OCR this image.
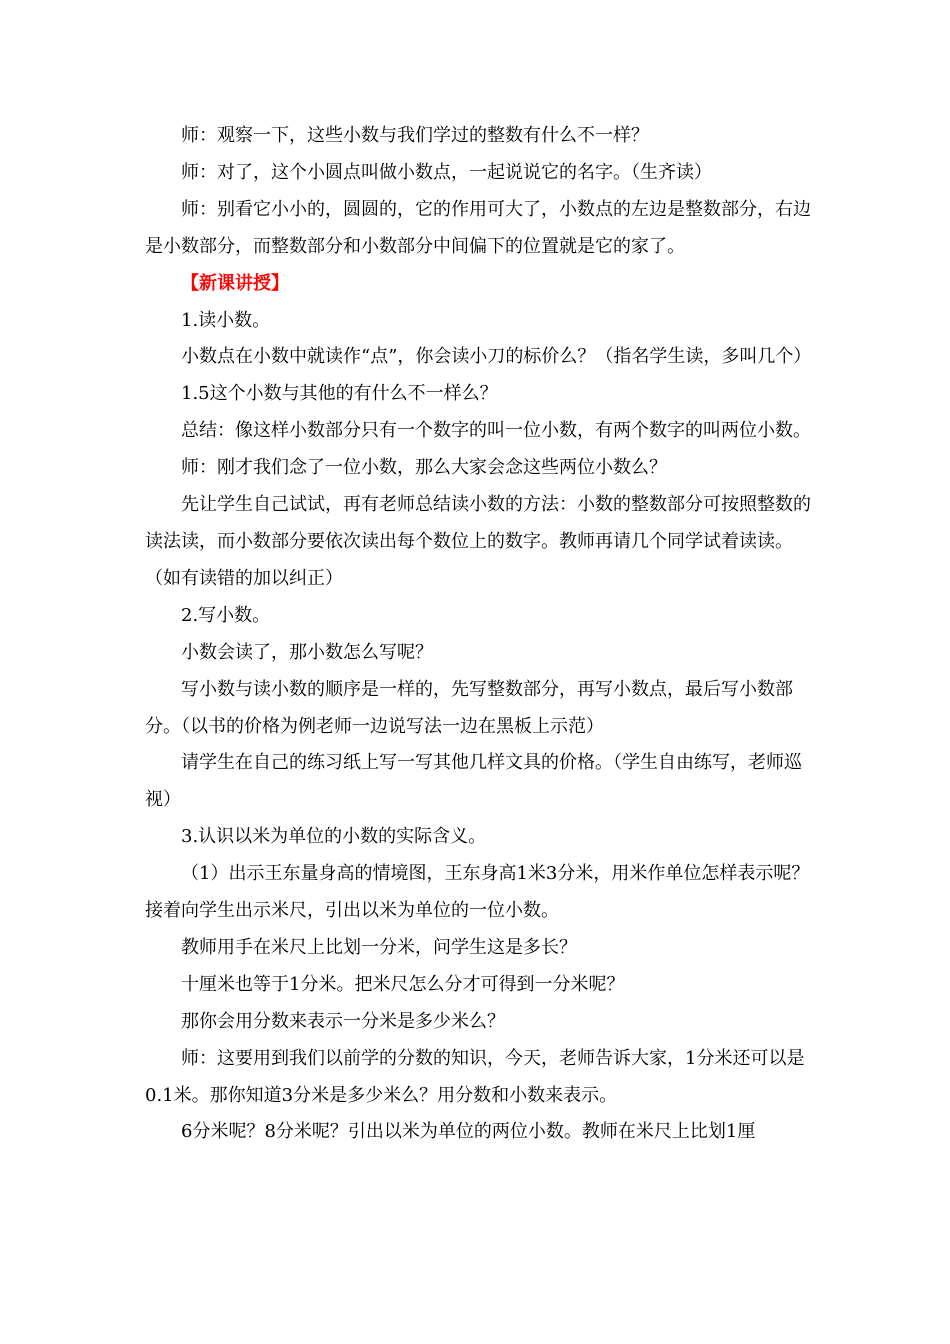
师：观察一下，这些小数与我们学过的整数有什么不一样？

师：对了，这个小圆点叫做小数点，一起说说它的名字。（生齐读）

师：别看它小小的，圆圆的，它的作用可大了，小数点的左边是整数部分，右边是小数部分，而整数部分和小数部分中间偏下的位置就是它的家了。

【新课讲授】

1.读小数。

小数点在小数中就读作“点”，你会读小刀的标价么？（指名学生读，多叫几个）

1.5这个小数与其他的有什么不一样么？

总结：像这样小数部分只有一个数字的叫一位小数，有两个数字的叫两位小数。

师：刚才我们念了一位小数，那么大家会念这些两位小数么？

先让学生自己试试，再有老师总结读小数的方法：小数的整数部分可按照整数的读法读，而小数部分要依次读出每个数位上的数字。教师再请几个同学试着读读。（如有读错的加以纠正）

2.写小数。

小数会读了，那小数怎么写呢？

写小数与读小数的顺序是一样的，先写整数部分，再写小数点，最后写小数部分。（以书的价格为例老师一边说写法一边在黑板上示范）

请学生在自己的练习纸上写一写其他几样文具的价格。（学生自由练写，老师巡视）

3.认识以米为单位的小数的实际含义。

（1）出示王东量身高的情境图，王东身高1米3分米，用米作单位怎样表示呢？接着向学生出示米尺，引出以米为单位的一位小数。

教师用手在米尺上比划一分米，问学生这是多长？

十厘米也等于1分米。把米尺怎么分才可得到一分米呢？

那你会用分数来表示一分米是多少米么？

师：这要用到我们以前学的分数的知识，今天，老师告诉大家，1分米还可以是0.1米。那你知道3分米是多少米么？用分数和小数来表示。

6分米呢？8分米呢？引出以米为单位的两位小数。教师在米尺上比划1厘
